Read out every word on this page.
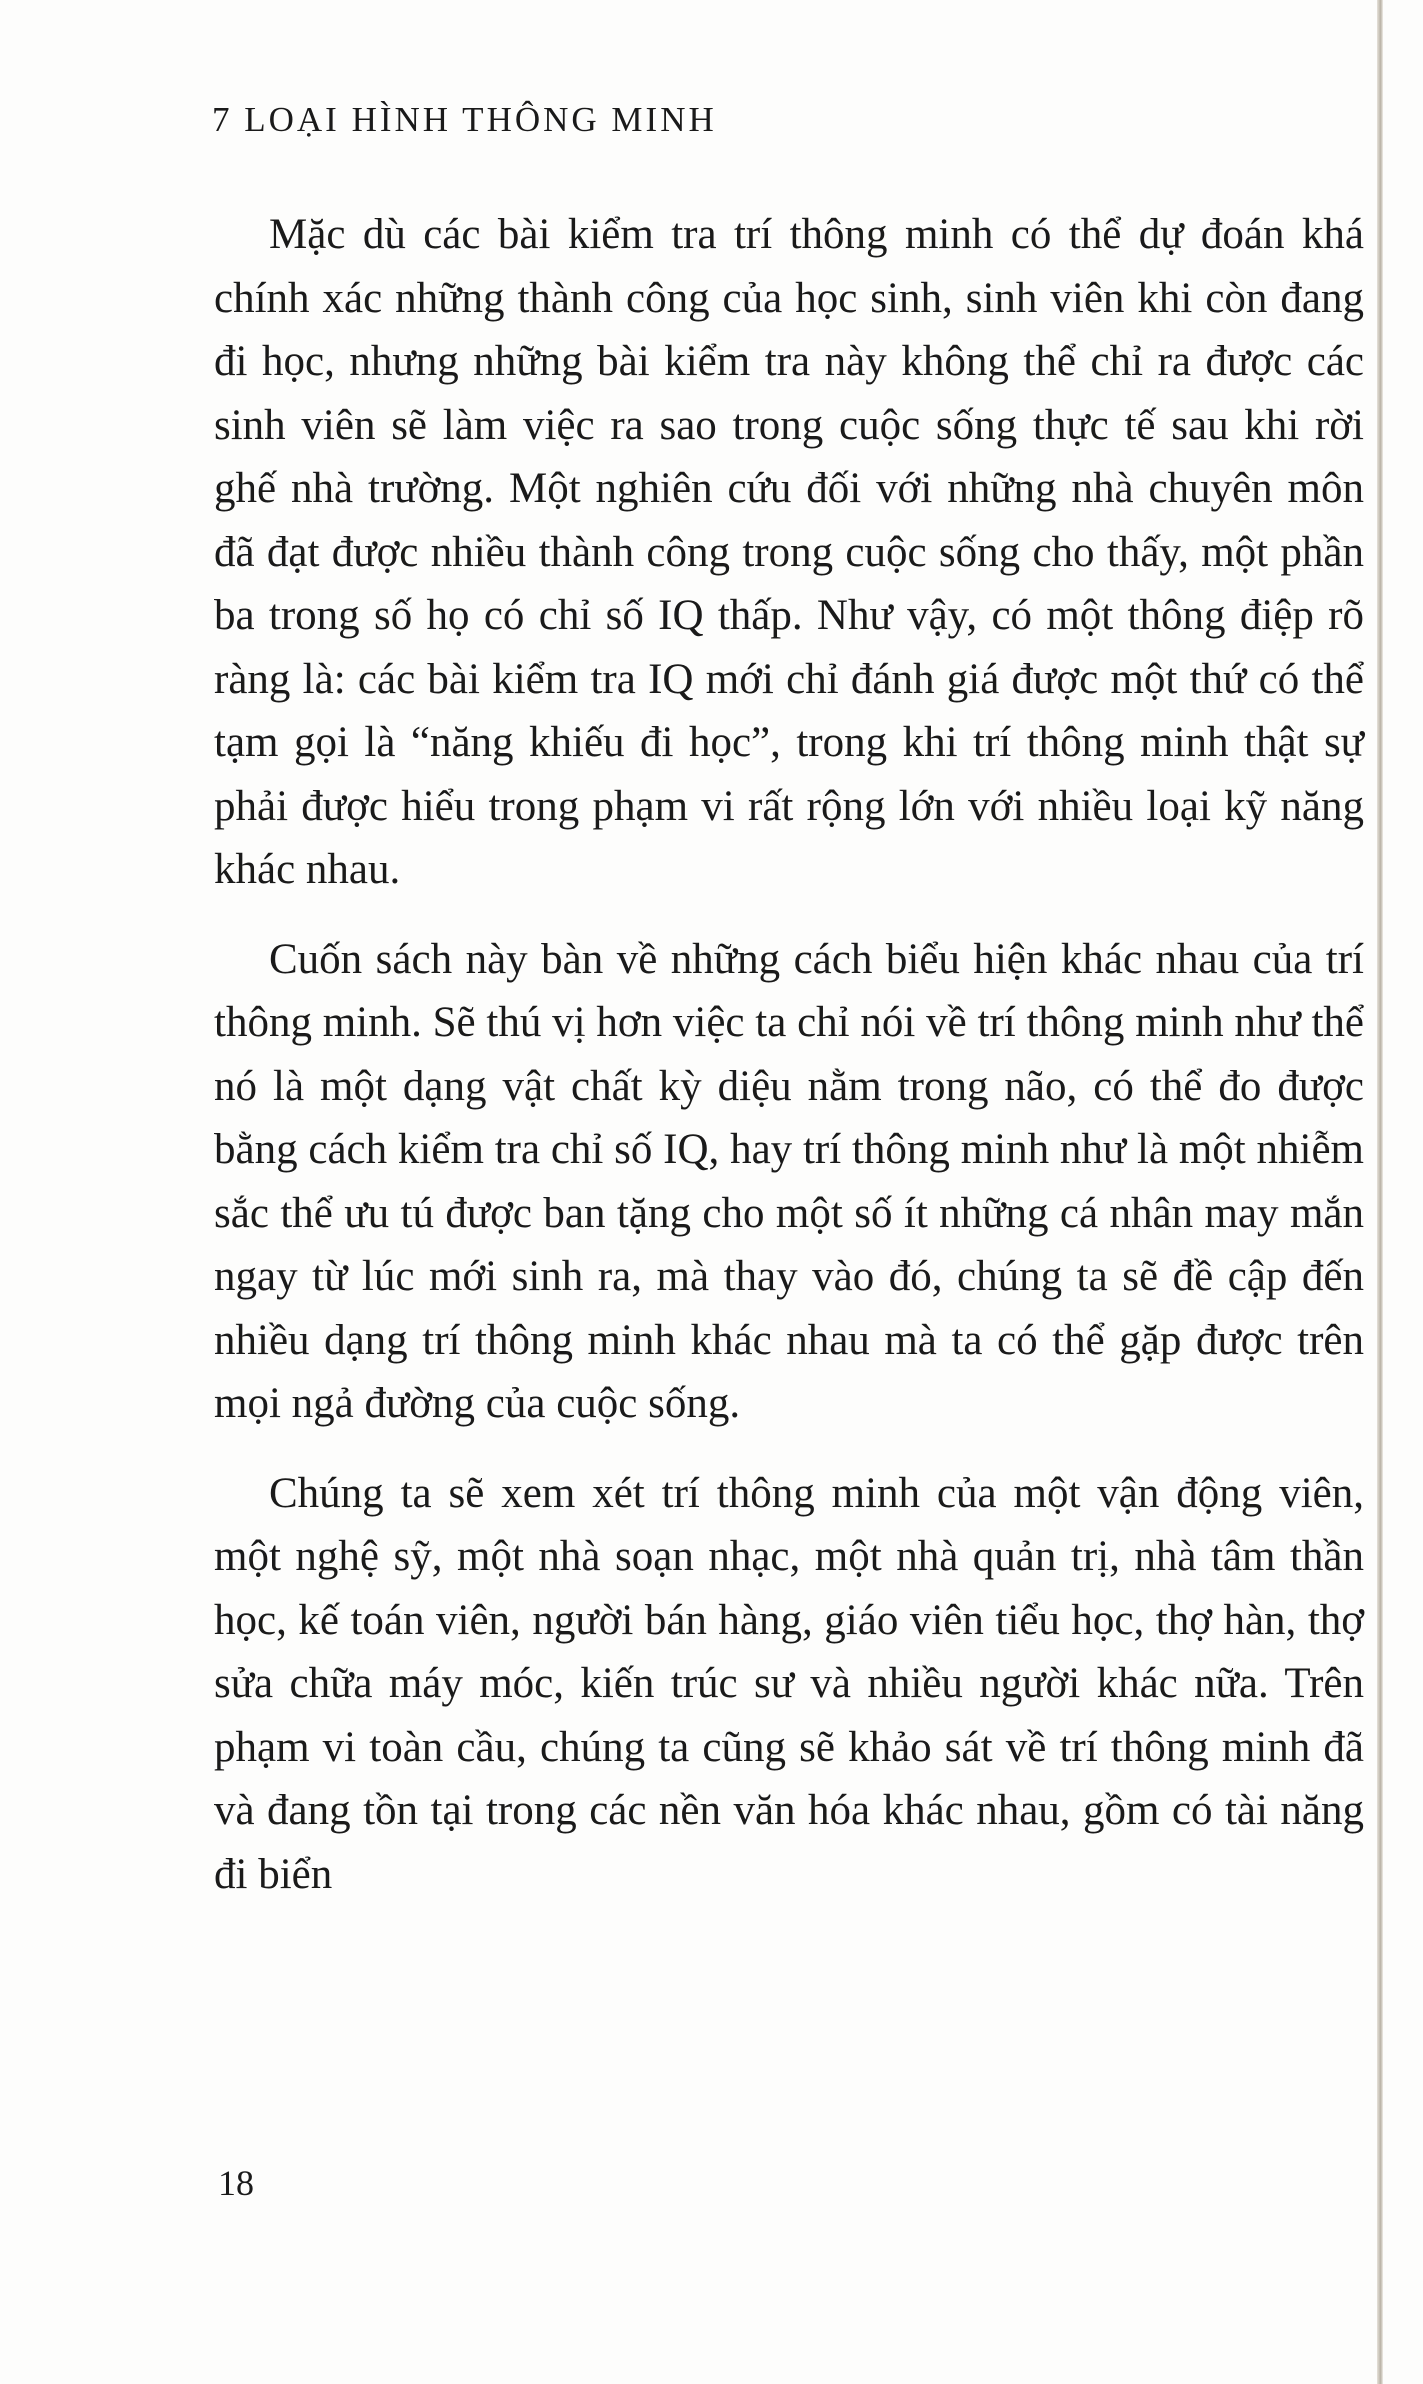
7 LOẠI HÌNH THÔNG MINH

Mặc dù các bài kiểm tra trí thông minh có thể dự đoán khá chính xác những thành công của học sinh, sinh viên khi còn đang đi học, nhưng những bài kiểm tra này không thể chỉ ra được các sinh viên sẽ làm việc ra sao trong cuộc sống thực tế sau khi rời ghế nhà trường. Một nghiên cứu đối với những nhà chuyên môn đã đạt được nhiều thành công trong cuộc sống cho thấy, một phần ba trong số họ có chỉ số IQ thấp. Như vậy, có một thông điệp rõ ràng là: các bài kiểm tra IQ mới chỉ đánh giá được một thứ có thể tạm gọi là “năng khiếu đi học”, trong khi trí thông minh thật sự phải được hiểu trong phạm vi rất rộng lớn với nhiều loại kỹ năng khác nhau.

Cuốn sách này bàn về những cách biểu hiện khác nhau của trí thông minh. Sẽ thú vị hơn việc ta chỉ nói về trí thông minh như thể nó là một dạng vật chất kỳ diệu nằm trong não, có thể đo được bằng cách kiểm tra chỉ số IQ, hay trí thông minh như là một nhiễm sắc thể ưu tú được ban tặng cho một số ít những cá nhân may mắn ngay từ lúc mới sinh ra, mà thay vào đó, chúng ta sẽ đề cập đến nhiều dạng trí thông minh khác nhau mà ta có thể gặp được trên mọi ngả đường của cuộc sống.

Chúng ta sẽ xem xét trí thông minh của một vận động viên, một nghệ sỹ, một nhà soạn nhạc, một nhà quản trị, nhà tâm thần học, kế toán viên, người bán hàng, giáo viên tiểu học, thợ hàn, thợ sửa chữa máy móc, kiến trúc sư và nhiều người khác nữa. Trên phạm vi toàn cầu, chúng ta cũng sẽ khảo sát về trí thông minh đã và đang tồn tại trong các nền văn hóa khác nhau, gồm có tài năng đi biển

18
